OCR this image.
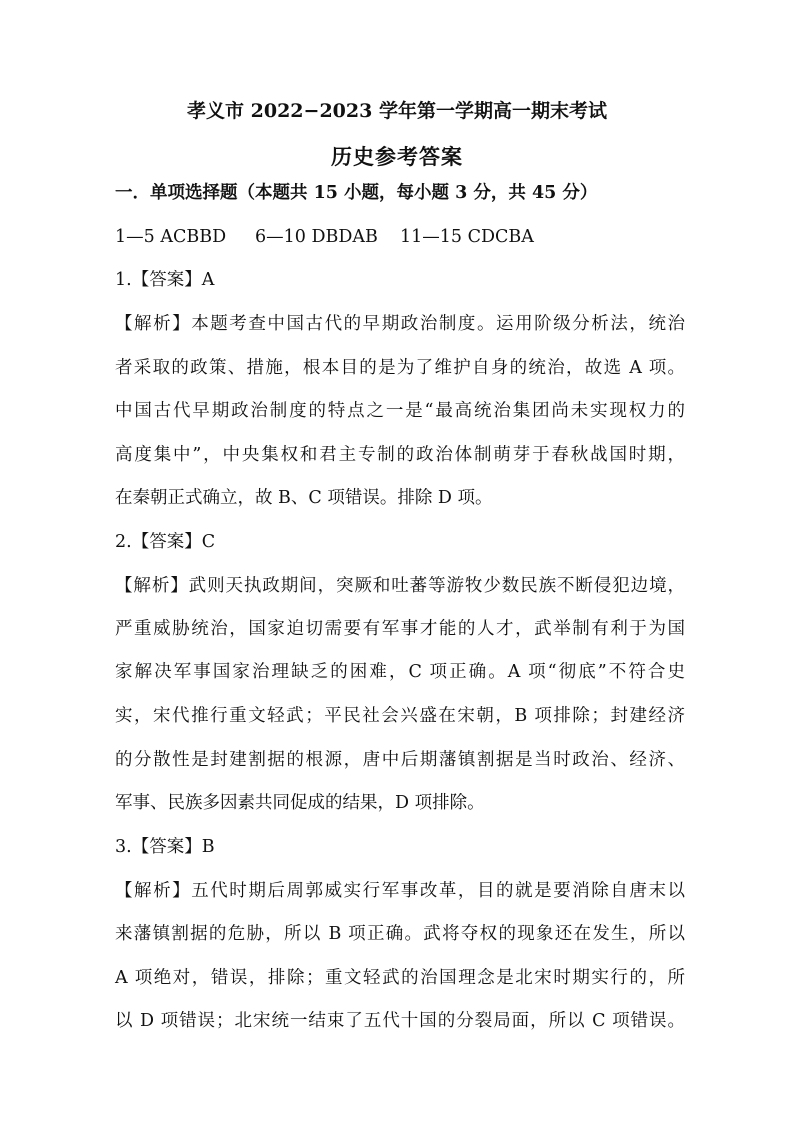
孝义市 2022−2023 学年第一学期高一期末考试
历史参考答案
一．单项选择题（本题共 15 小题，每小题 3 分，共 45 分）
1—5 ACBBD 6—10 DBDAB 11—15 CDCBA
1.【答案】A
【解析】本题考查中国古代的早期政治制度。运用阶级分析法，统治
者采取的政策、措施，根本目的是为了维护自身的统治，故选 A 项。
中国古代早期政治制度的特点之一是“最高统治集团尚未实现权力的
高度集中”，中央集权和君主专制的政治体制萌芽于春秋战国时期，
在秦朝正式确立，故 B、C 项错误。排除 D 项。
2.【答案】C
【解析】武则天执政期间，突厥和吐蕃等游牧少数民族不断侵犯边境，
严重威胁统治，国家迫切需要有军事才能的人才，武举制有利于为国
家解决军事国家治理缺乏的困难，C 项正确。A 项“彻底”不符合史
实，宋代推行重文轻武；平民社会兴盛在宋朝，B 项排除；封建经济
的分散性是封建割据的根源，唐中后期藩镇割据是当时政治、经济、
军事、民族多因素共同促成的结果，D 项排除。
3.【答案】B
【解析】五代时期后周郭威实行军事改革，目的就是要消除自唐末以
来藩镇割据的危胁，所以 B 项正确。武将夺权的现象还在发生，所以
A 项绝对，错误，排除；重文轻武的治国理念是北宋时期实行的，所
以 D 项错误；北宋统一结束了五代十国的分裂局面，所以 C 项错误。
